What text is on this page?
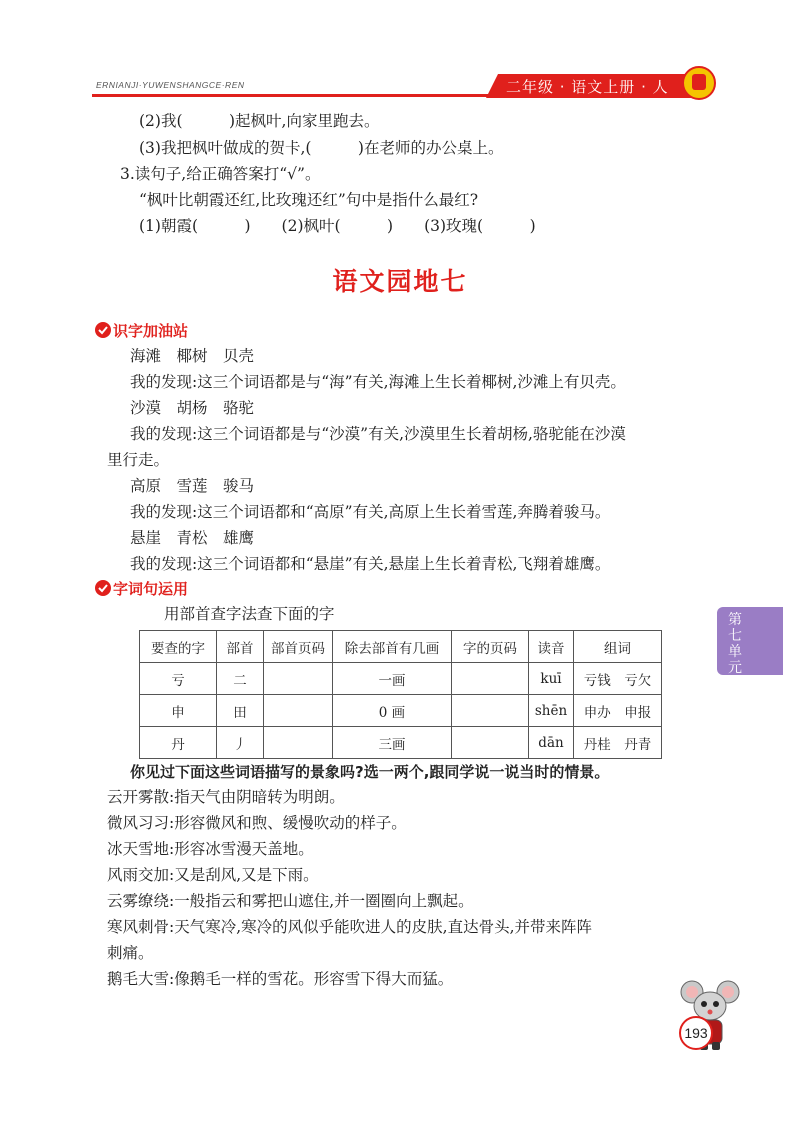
ERNIANJI·YUWENSHANGCE·REN	二年级 · 语文上册 · 人
(2)我(　　　)起枫叶,向家里跑去。
(3)我把枫叶做成的贺卡,(　　　)在老师的办公桌上。
3.读句子,给正确答案打“√”。
“枫叶比朝霞还红,比玫瑰还红”句中是指什么最红?
(1)朝霞(　　　)　　(2)枫叶(　　　)　　(3)玫瑰(　　　)
语文园地七
识字加油站
海滩　椰树　贝壳
我的发现:这三个词语都是与“海”有关,海滩上生长着椰树,沙滩上有贝壳。
沙漠　胡杨　骆驼
我的发现:这三个词语都是与“沙漠”有关,沙漠里生长着胡杨,骆驼能在沙漠
里行走。
高原　雪莲　骏马
我的发现:这三个词语都和“高原”有关,高原上生长着雪莲,奔腾着骏马。
悬崖　青松　雄鹰
我的发现:这三个词语都和“悬崖”有关,悬崖上生长着青松,飞翔着雄鹰。
字词句运用
用部首查字法查下面的字
要查的字	部首	部首页码	除去部首有几画	字的页码	读音	组词
亏	二		一画		kuī	亏钱　亏欠
申	田		0 画		shēn	申办　申报
丹	丿		三画		dān	丹桂　丹青
你见过下面这些词语描写的景象吗?选一两个,跟同学说一说当时的情景。
云开雾散:指天气由阴暗转为明朗。
微风习习:形容微风和煦、缓慢吹动的样子。
冰天雪地:形容冰雪漫天盖地。
风雨交加:又是刮风,又是下雨。
云雾缭绕:一般指云和雾把山遮住,并一圈圈向上飘起。
寒风刺骨:天气寒冷,寒冷的风似乎能吹进人的皮肤,直达骨头,并带来阵阵
刺痛。
鹅毛大雪:像鹅毛一样的雪花。形容雪下得大而猛。
第七单元
193
